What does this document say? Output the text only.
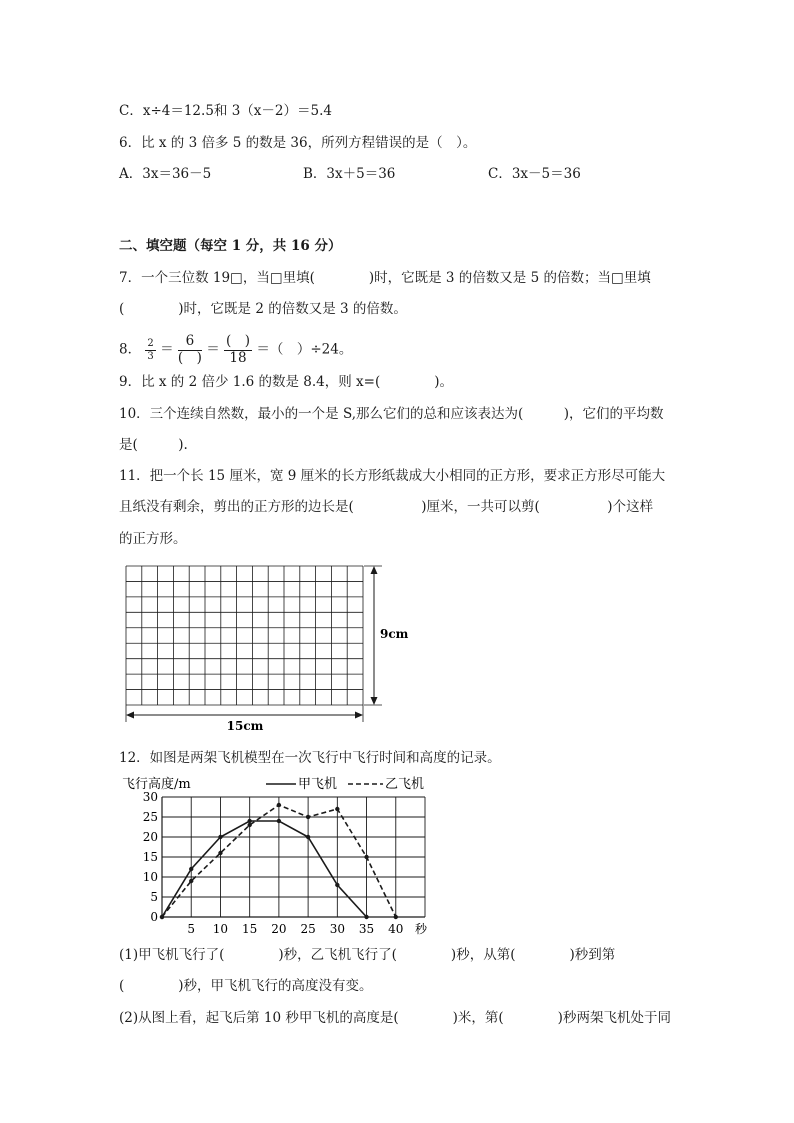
C．x÷4＝12.5和 3（x－2）＝5.4
6．比 x 的 3 倍多 5 的数是 36，所列方程错误的是（　）。
A．3x＝36－5	B．3x＋5＝36	C．3x－5＝36
二、填空题（每空 1 分，共 16 分）
7．一个三位数 19□，当□里填(　　　　)时，它既是 3 的倍数又是 5 的倍数；当□里填
(　　　　)时，它既是 2 的倍数又是 3 的倍数。
8． $\frac{2}{3} = \frac{6}{( )} = \frac{( )}{18}$ ＝（　）÷24。
9．比 x 的 2 倍少 1.6 的数是 8.4，则 x=(　　　　)。
10．三个连续自然数，最小的一个是 S,那么它们的总和应该表达为(　　　)，它们的平均数
是(　　　).
11．把一个长 15 厘米，宽 9 厘米的长方形纸裁成大小相同的正方形，要求正方形尽可能大
且纸没有剩余，剪出的正方形的边长是(　　　　　)厘米，一共可以剪(　　　　　)个这样
的正方形。
9cm
15cm
12．如图是两架飞机模型在一次飞行中飞行时间和高度的记录。
飞行高度/m	甲飞机	乙飞机
0
5
10
15
20
25
30
5 10 15 20 25 30 35 40 秒
(1)甲飞机飞行了(　　　　)秒，乙飞机飞行了(　　　　)秒，从第(　　　　)秒到第
(　　　　)秒，甲飞机飞行的高度没有变。
(2)从图上看，起飞后第 10 秒甲飞机的高度是(　　　　)米，第(　　　　)秒两架飞机处于同
